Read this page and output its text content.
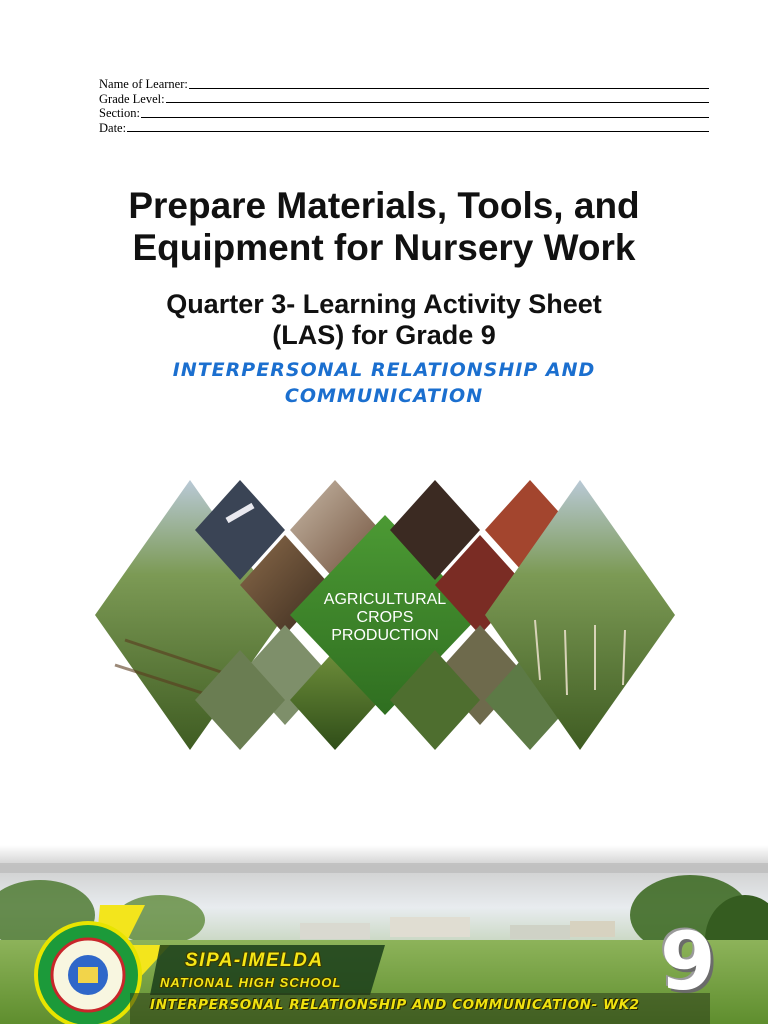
Name of Learner:
Grade Level:
Section:
Date:
Prepare Materials, Tools, and
Equipment for Nursery Work
Quarter 3- Learning Activity Sheet
(LAS) for Grade 9
INTERPERSONAL RELATIONSHIP AND
COMMUNICATION
AGRICULTURAL
CROPS
PRODUCTION
SIPA-IMELDA
NATIONAL HIGH SCHOOL
INTERPERSONAL RELATIONSHIP AND COMMUNICATION- WK2 9
